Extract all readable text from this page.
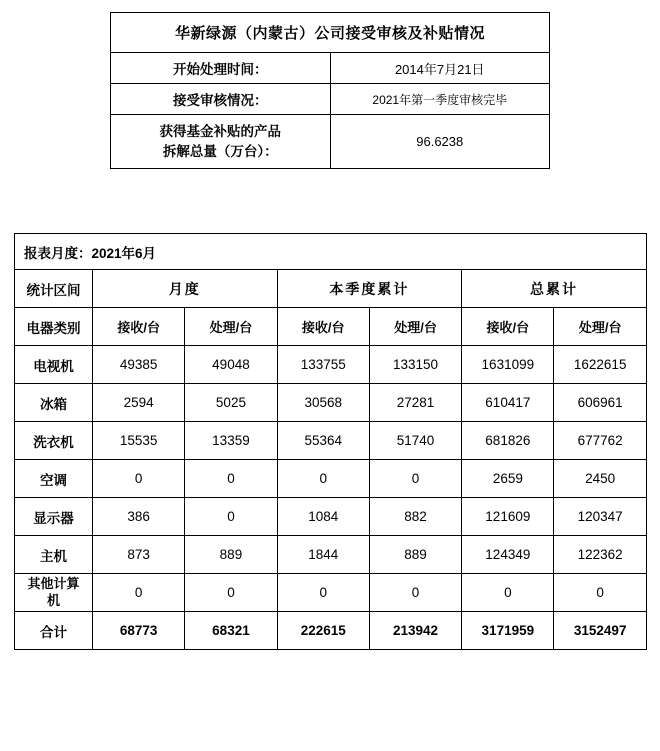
华新绿源（内蒙古）公司接受审核及补贴情况	
开始处理时间：	2014年7月21日
接受审核情况：	2021年第一季度审核完毕
获得基金补贴的产品
拆解总量（万台）：	96.6238
报表月度：2021年6月						
统计区间	月度		本季度累计		总累计	
电器类别	接收/台	处理/台	接收/台	处理/台	接收/台	处理/台
电视机	49385	49048	133755	133150	1631099	1622615
冰箱	2594	5025	30568	27281	610417	606961
洗衣机	15535	13359	55364	51740	681826	677762
空调	0	0	0	0	2659	2450
显示器	386	0	1084	882	121609	120347
主机	873	889	1844	889	124349	122362
其他计算
机	0	0	0	0	0	0
合计	68773	68321	222615	213942	3171959	3152497
